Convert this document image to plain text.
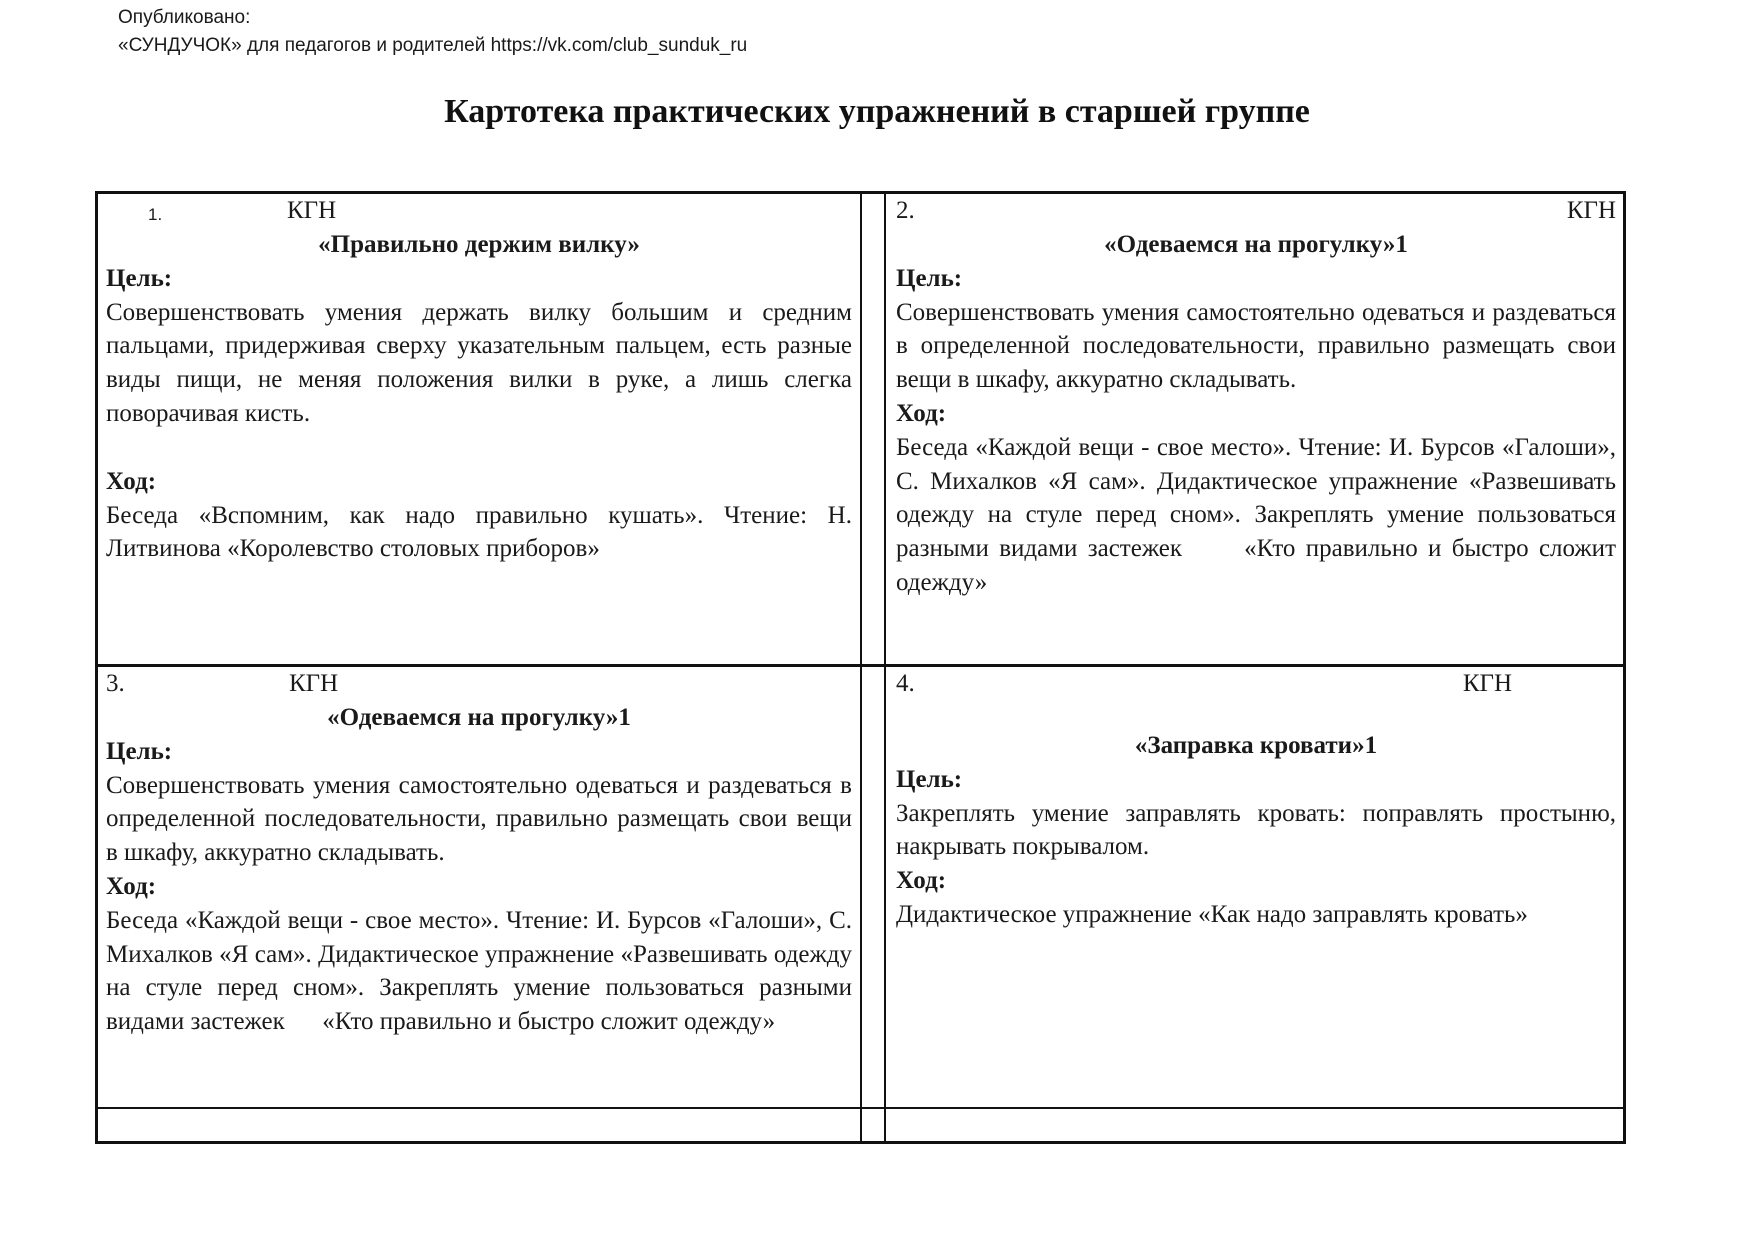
Опубликовано:
«СУНДУЧОК» для педагогов и родителей https://vk.com/club_sunduk_ru
Картотека практических упражнений в старшей группе
1.	КГН
«Правильно держим вилку»
Цель:
Совершенствовать умения держать вилку большим и средним пальцами, придерживая сверху указательным пальцем, есть разные виды пищи, не меняя положения вилки в руке, а лишь слегка поворачивая кисть.
Ход:
Беседа «Вспомним, как надо правильно кушать». Чтение: Н. Литвинова «Королевство столовых приборов»
2.	КГН
«Одеваемся на прогулку»1
Цель:
Совершенствовать умения самостоятельно одеваться и раздеваться в определенной последовательности, правильно размещать свои вещи в шкафу, аккуратно складывать.
Ход:
Беседа «Каждой вещи - свое место». Чтение: И. Бурсов «Галоши», С. Михалков «Я сам». Дидактическое упражнение «Развешивать одежду на стуле перед сном». Закреплять умение пользоваться разными видами застежек      «Кто правильно и быстро сложит одежду»
3.	КГН
«Одеваемся на прогулку»1
Цель:
Совершенствовать умения самостоятельно одеваться и раздеваться в определенной последовательности, правильно размещать свои вещи в шкафу, аккуратно складывать.
Ход:
Беседа «Каждой вещи - свое место». Чтение: И. Бурсов «Галоши», С. Михалков «Я сам». Дидактическое упражнение «Развешивать одежду на стуле перед сном». Закреплять умение пользоваться разными видами застежек      «Кто правильно и быстро сложит одежду»
4.	КГН
«Заправка кровати»1
Цель:
Закреплять умение заправлять кровать: поправлять простыню, накрывать покрывалом.
Ход:
Дидактическое упражнение «Как надо заправлять кровать»
